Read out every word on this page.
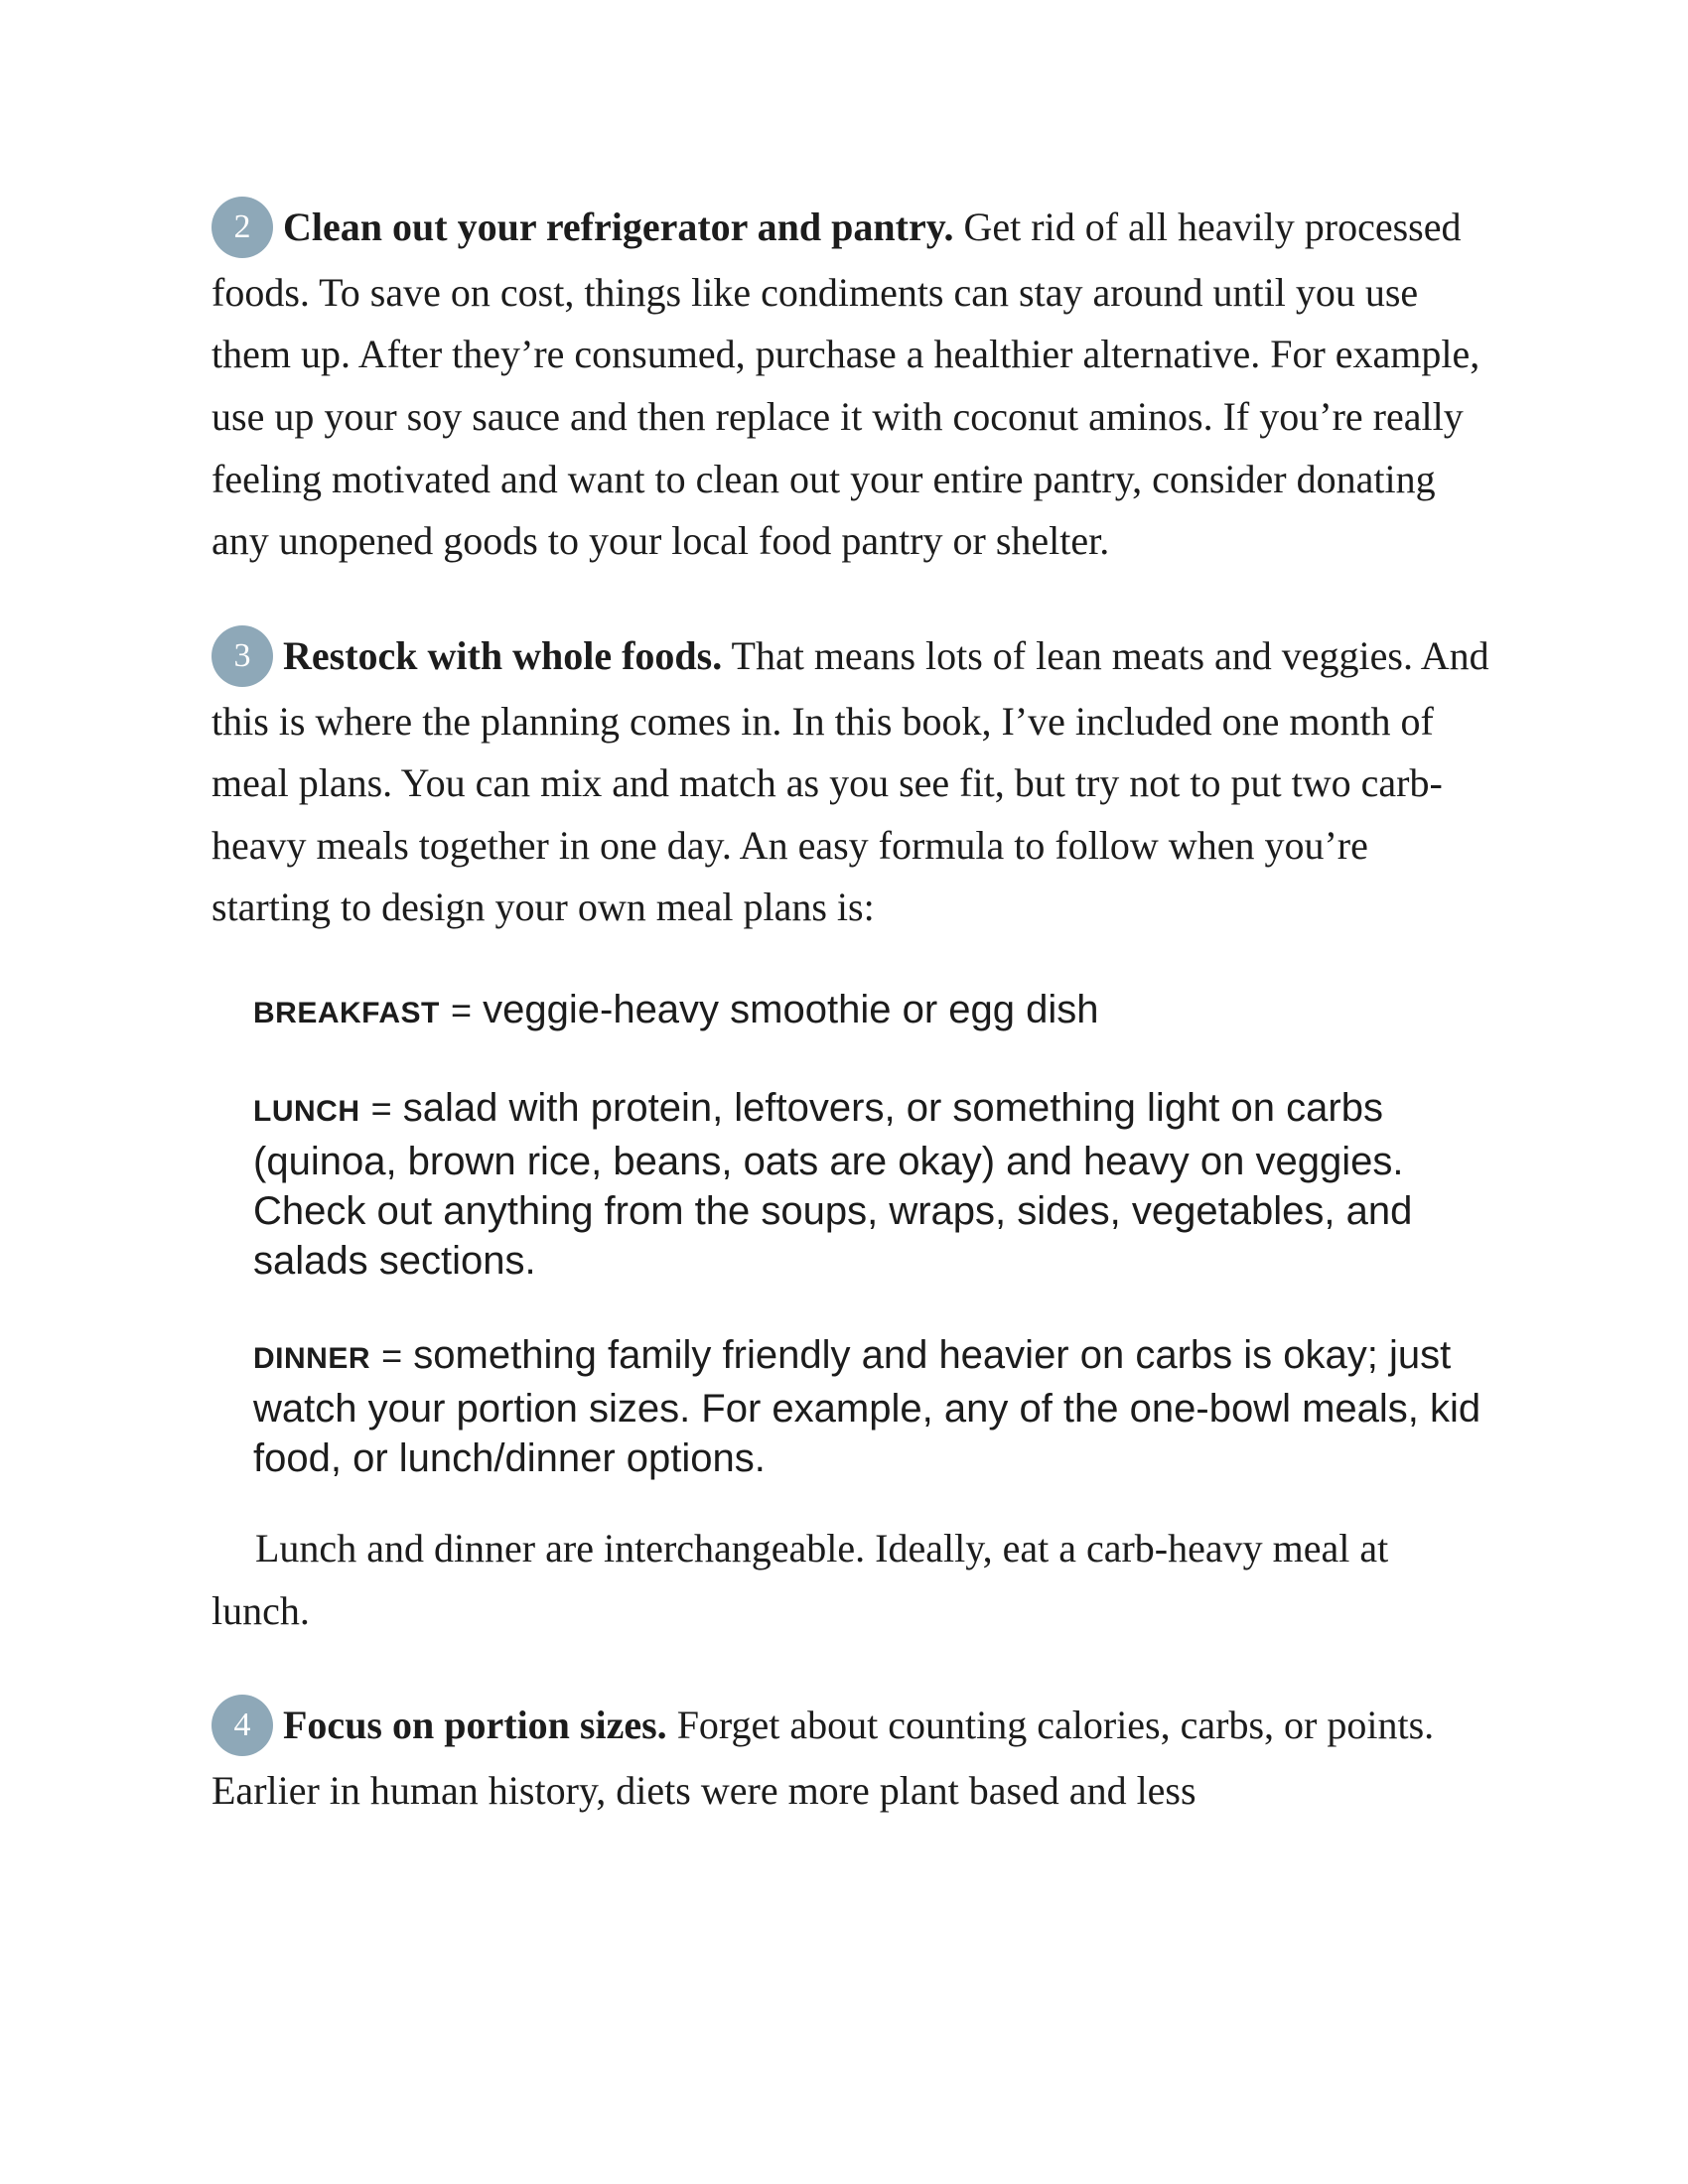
2 Clean out your refrigerator and pantry. Get rid of all heavily processed foods. To save on cost, things like condiments can stay around until you use them up. After they’re consumed, purchase a healthier alternative. For example, use up your soy sauce and then replace it with coconut aminos. If you’re really feeling motivated and want to clean out your entire pantry, consider donating any unopened goods to your local food pantry or shelter.

3 Restock with whole foods. That means lots of lean meats and veggies. And this is where the planning comes in. In this book, I’ve included one month of meal plans. You can mix and match as you see fit, but try not to put two carb-heavy meals together in one day. An easy formula to follow when you’re starting to design your own meal plans is:

BREAKFAST = veggie-heavy smoothie or egg dish

LUNCH = salad with protein, leftovers, or something light on carbs (quinoa, brown rice, beans, oats are okay) and heavy on veggies. Check out anything from the soups, wraps, sides, vegetables, and salads sections.

DINNER = something family friendly and heavier on carbs is okay; just watch your portion sizes. For example, any of the one-bowl meals, kid food, or lunch/dinner options.

Lunch and dinner are interchangeable. Ideally, eat a carb-heavy meal at lunch.

4 Focus on portion sizes. Forget about counting calories, carbs, or points. Earlier in human history, diets were more plant based and less
